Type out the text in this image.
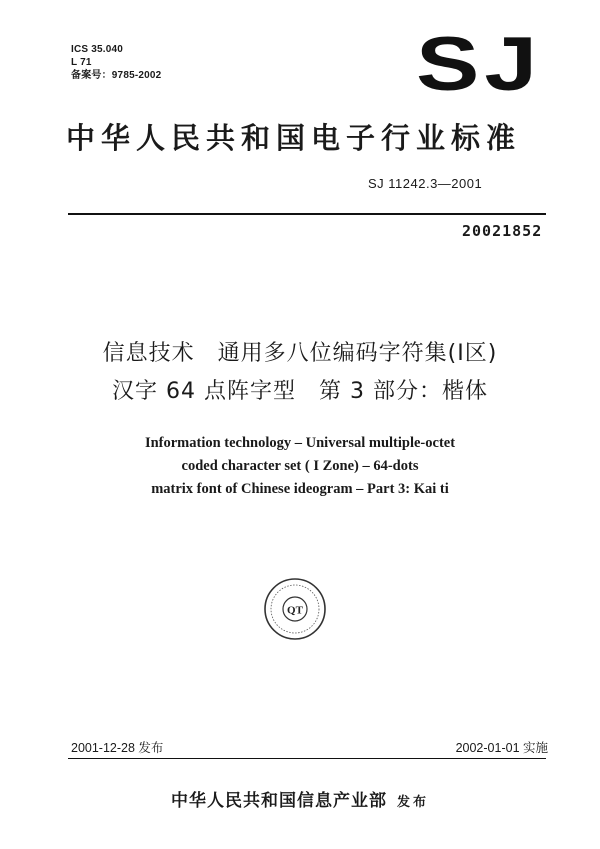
ICS 35.040
L 71
备案号：9785-2002	SJ
中华人民共和国电子行业标准
SJ 11242.3—2001
20021852
信息技术　通用多八位编码字符集(Ⅰ区)
汉字 64 点阵字型　第 3 部分：楷体
Information technology – Universal multiple-octet
coded character set ( I Zone) – 64-dots
matrix font of Chinese ideogram – Part 3: Kai ti
QT
2001-12-28 发布	2002-01-01 实施
中华人民共和国信息产业部 发布
